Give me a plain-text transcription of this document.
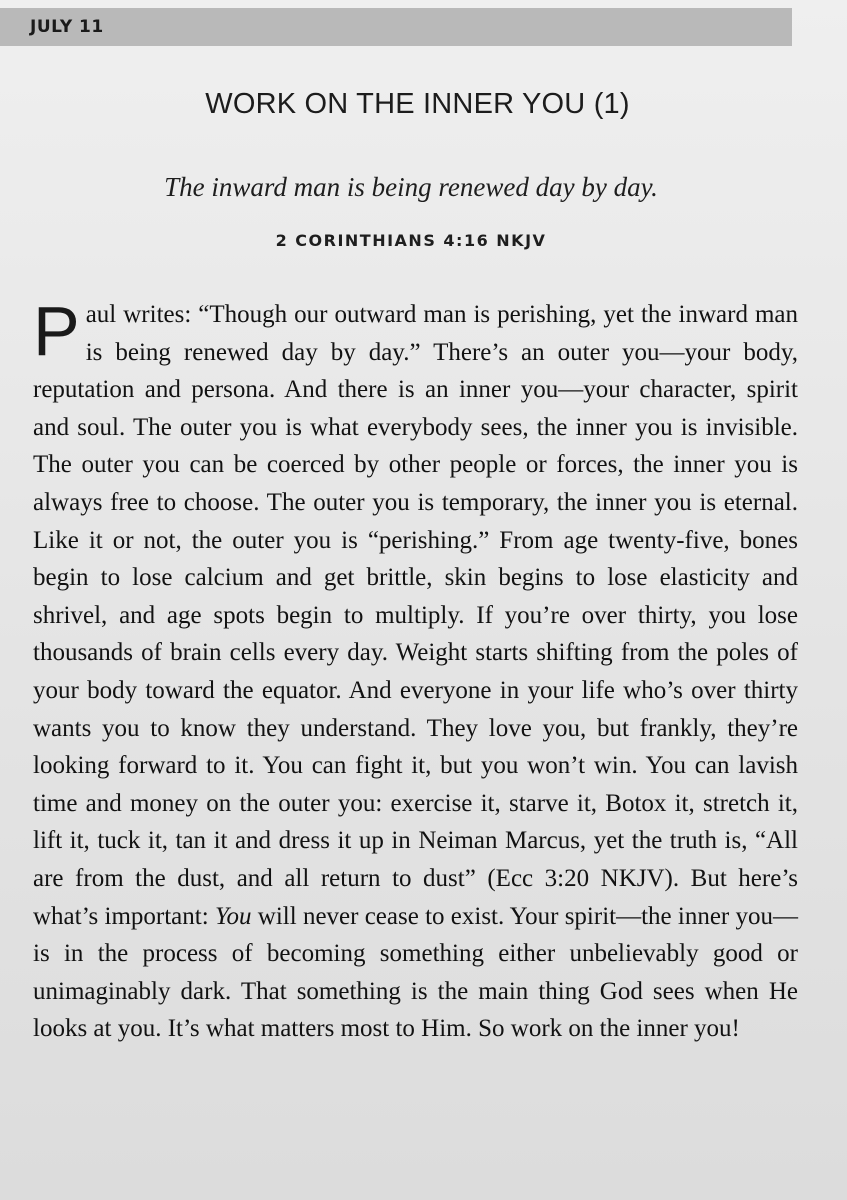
JULY 11
WORK ON THE INNER YOU (1)
The inward man is being renewed day by day.
2 CORINTHIANS 4:16 NKJV
Paul writes: “Though our outward man is perishing, yet the inward man is being renewed day by day.” There’s an outer you—your body, reputation and persona. And there is an inner you—your character, spirit and soul. The outer you is what everybody sees, the inner you is invisible. The outer you can be coerced by other people or forces, the inner you is always free to choose. The outer you is temporary, the inner you is eternal. Like it or not, the outer you is “perishing.” From age twenty-five, bones begin to lose calcium and get brittle, skin begins to lose elasticity and shrivel, and age spots begin to multiply. If you’re over thirty, you lose thousands of brain cells every day. Weight starts shifting from the poles of your body toward the equator. And everyone in your life who’s over thirty wants you to know they understand. They love you, but frankly, they’re looking forward to it. You can fight it, but you won’t win. You can lavish time and money on the outer you: exercise it, starve it, Botox it, stretch it, lift it, tuck it, tan it and dress it up in Neiman Marcus, yet the truth is, “All are from the dust, and all return to dust” (Ecc 3:20 NKJV). But here’s what’s important: You will never cease to exist. Your spirit—the inner you—is in the process of becoming something either unbelievably good or unimaginably dark. That something is the main thing God sees when He looks at you. It’s what matters most to Him. So work on the inner you!
